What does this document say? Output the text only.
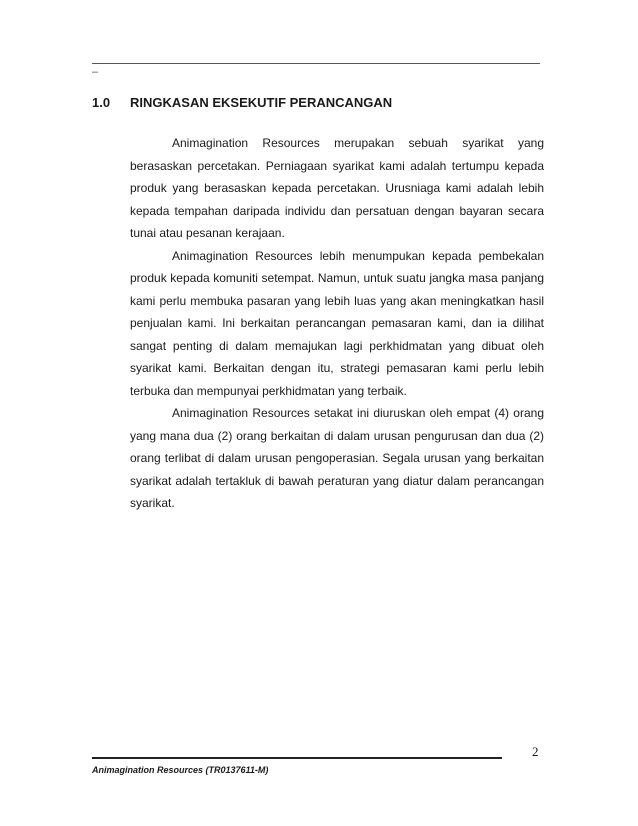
–
1.0 RINGKASAN EKSEKUTIF PERANCANGAN

Animagination Resources merupakan sebuah syarikat yang berasaskan percetakan. Perniagaan syarikat kami adalah tertumpu kepada produk yang berasaskan kepada percetakan. Urusniaga kami adalah lebih kepada tempahan daripada individu dan persatuan dengan bayaran secara tunai atau pesanan kerajaan.

Animagination Resources lebih menumpukan kepada pembekalan produk kepada komuniti setempat. Namun, untuk suatu jangka masa panjang kami perlu membuka pasaran yang lebih luas yang akan meningkatkan hasil penjualan kami. Ini berkaitan perancangan pemasaran kami, dan ia dilihat sangat penting di dalam memajukan lagi perkhidmatan yang dibuat oleh syarikat kami. Berkaitan dengan itu, strategi pemasaran kami perlu lebih terbuka dan mempunyai perkhidmatan yang terbaik.

Animagination Resources setakat ini diuruskan oleh empat (4) orang yang mana dua (2) orang berkaitan di dalam urusan pengurusan dan dua (2) orang terlibat di dalam urusan pengoperasian. Segala urusan yang berkaitan syarikat adalah tertakluk di bawah peraturan yang diatur dalam perancangan syarikat.

2
Animagination Resources (TR0137611-M)
